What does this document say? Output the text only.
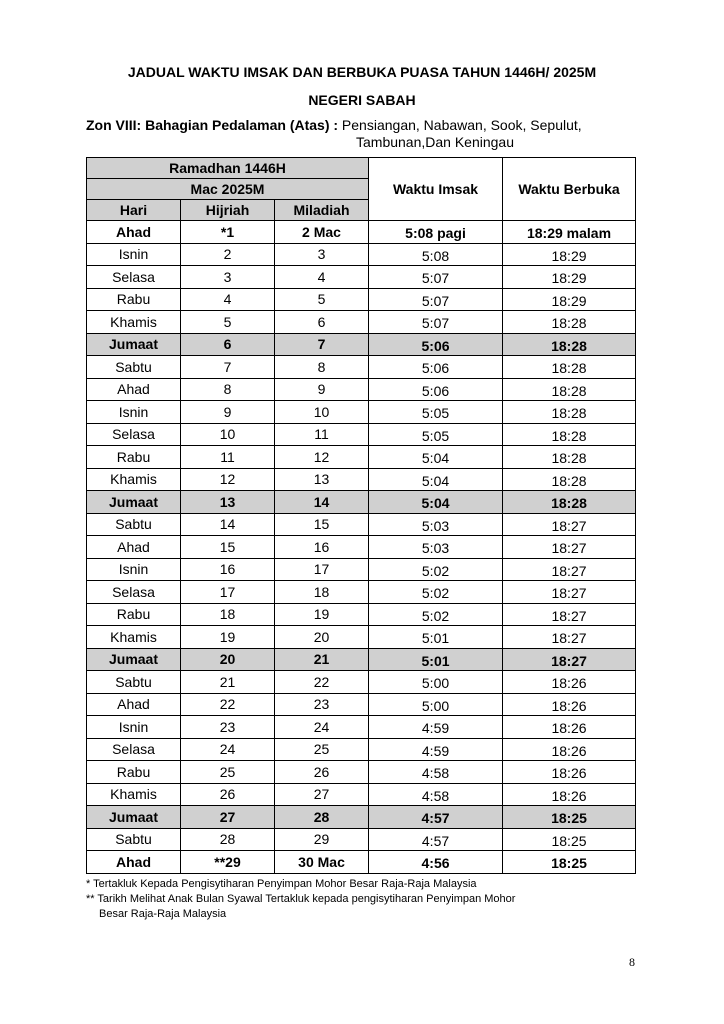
JADUAL WAKTU IMSAK DAN BERBUKA PUASA TAHUN 1446H/ 2025M
NEGERI SABAH
Zon VIII: Bahagian Pedalaman (Atas) : Pensiangan, Nabawan, Sook, Sepulut,
Tambunan,Dan Keningau
Ramadhan 1446H			Waktu Imsak	Waktu Berbuka
Mac 2025M				
Hari	Hijriah	Miladiah		
Ahad	*1	2 Mac	5:08 pagi	18:29 malam
Isnin	2	3	5:08	18:29
Selasa	3	4	5:07	18:29
Rabu	4	5	5:07	18:29
Khamis	5	6	5:07	18:28
Jumaat	6	7	5:06	18:28
Sabtu	7	8	5:06	18:28
Ahad	8	9	5:06	18:28
Isnin	9	10	5:05	18:28
Selasa	10	11	5:05	18:28
Rabu	11	12	5:04	18:28
Khamis	12	13	5:04	18:28
Jumaat	13	14	5:04	18:28
Sabtu	14	15	5:03	18:27
Ahad	15	16	5:03	18:27
Isnin	16	17	5:02	18:27
Selasa	17	18	5:02	18:27
Rabu	18	19	5:02	18:27
Khamis	19	20	5:01	18:27
Jumaat	20	21	5:01	18:27
Sabtu	21	22	5:00	18:26
Ahad	22	23	5:00	18:26
Isnin	23	24	4:59	18:26
Selasa	24	25	4:59	18:26
Rabu	25	26	4:58	18:26
Khamis	26	27	4:58	18:26
Jumaat	27	28	4:57	18:25
Sabtu	28	29	4:57	18:25
Ahad	**29	30 Mac	4:56	18:25
* Tertakluk Kepada Pengisytiharan Penyimpan Mohor Besar Raja-Raja Malaysia
** Tarikh Melihat Anak Bulan Syawal Tertakluk kepada pengisytiharan Penyimpan Mohor
Besar Raja-Raja Malaysia
8
